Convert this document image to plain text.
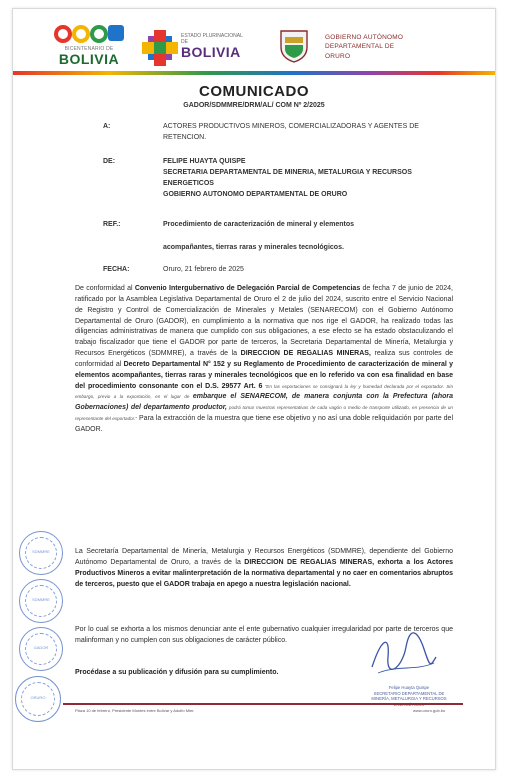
BICENTENARIO DE
BOLIVIA
ESTADO PLURINACIONAL DE
BOLIVIA
GOBIERNO AUTÓNOMO
DEPARTAMENTAL DE
ORURO
COMUNICADO
GADOR/SDMMRE/DRM/AL/ COM Nº 2/2025
A:	ACTORES PRODUCTIVOS MINEROS, COMERCIALIZADORAS Y AGENTES DE RETENCION.
DE:	FELIPE HUAYTA QUISPE
SECRETARIA DEPARTAMENTAL DE MINERIA, METALURGIA Y RECURSOS ENERGETICOS
GOBIERNO AUTONOMO DEPARTAMENTAL DE ORURO
REF.:	Procedimiento de caracterización de mineral y elementos
acompañantes, tierras raras y minerales tecnológicos.
FECHA:	Oruro, 21 febrero de 2025
De conformidad al Convenio Intergubernativo de Delegación Parcial de Competencias de fecha 7 de junio de 2024, ratificado por la Asamblea Legislativa Departamental de Oruro el 2 de julio del 2024, suscrito entre el Servicio Nacional de Registro y Control de Comercialización de Minerales y Metales (SENARECOM) con el Gobierno Autónomo Departamental de Oruro (GADOR), en cumplimiento a la normativa que nos rige el GADOR, ha realizado todas las diligencias administrativas de manera que cumplido con sus obligaciones, a ese efecto se ha estado obstaculizando el trabajo fiscalizador que tiene el GADOR por parte de terceros, la Secretaria Departamental de Minería, Metalurgia y Recursos Energéticos (SDMMRE), a través de la DIRECCION DE REGALIAS MINERAS, realiza sus controles de conformidad al Decreto Departamental N° 152 y su Reglamento de Procedimiento de caracterización de mineral y elementos acompañantes, tierras raras y minerales tecnológicos que en lo referido va con esa finalidad en base del procedimiento consonante con el D.S. 29577 Art. 6 "En las exportaciones se consignará la ley y humedad declarada por el exportador. Sin embargo, previo a la exportación, en el lugar de embarque el SENARECOM, de manera conjunta con la Prefectura (ahora Gobernaciones) del departamento productor, podrá tomar muestras representativas de cada vagón o medio de transporte utilizado, en presencia de un representante del exportador." Para la extracción de la muestra que tiene ese objetivo y no así una doble reliquidación por parte del GADOR.
La Secretaría Departamental de Minería, Metalurgia y Recursos Energéticos (SDMMRE), dependiente del Gobierno Autónomo Departamental de Oruro, a través de la DIRECCION DE REGALIAS MINERAS, exhorta a los Actores Productivos Mineros a evitar malinterpretación de la normativa departamental y no caer en comentarios abruptos de terceros, puesto que el GADOR trabaja en apego a nuestra legislación nacional.
Por lo cual se exhorta a los mismos denunciar ante el ente gubernativo cualquier irregularidad por parte de terceros que malinforman y no cumplen con sus obligaciones de carácter público.
Procédase a su publicación y difusión para su cumplimiento.
SDMMRE
SDMMRE
GADOR
ORURO
Felipe Huayta Quispe
SECRETARIO DEPARTAMENTAL DE MINERÍA, METALURGIA Y RECURSOS
Plaza 10 de febrero, Presidente Montes entre Bolívar y Adolfo Mier.	www.oruro.gob.bo
